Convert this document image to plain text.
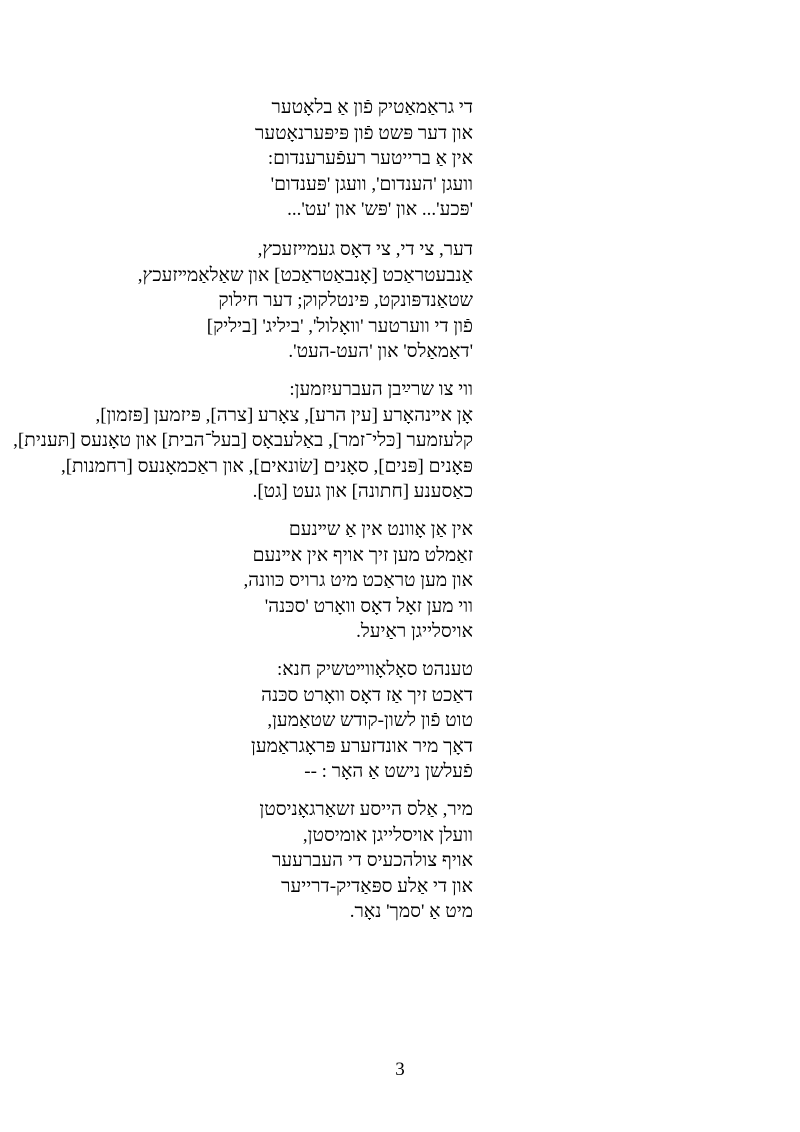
די גראַמאַטיק פֿון אַ בלאָטער
און דער פּשט פֿון פּיפּערנאָטער
אין אַ ברייטער רעפֿערענדום:
וועגן 'הענדום', וועגן 'פּענדום'
'פּכע'... און 'פּש' און 'עט'...
דער, צי די, צי דאָס געמײזעכץ,
אַנבעטראַכט [אָנבאַטראַכט] און שאַלאַמײזעכץ,
שטאַנדפּונקט, פּינטלקוק; דער חילוק
פֿון די ווערטער 'וואָלול', 'ביליג' [ביליק]
'דאַמאַלס' און 'העט-העט'.
ווי צו שרײַבן העברעיִזמען:
אָן אײנהאָרע [עין הרע], צאָרע [צרה], פּיזמען [פּזמון],
קלעזמער [כּלי־זמר], באַלעבאָס [בעל־הבית] און טאָנעס [תּענית],
פּאָנים [פּנים], סאָנים [שׂונאים], און ראַכמאָנעס [רחמנות],
כאַסענע [חתונה] און געט [גט].
אין אַן אָוונט אין אַ שײנעם
זאַמלט מען זיך אויף אין אײנעם
און מען טראַכט מיט גרויס כּוונה,
ווי מען זאָל דאָס וואָרט 'סכּנה'
אויסלייגן ראַיעל.
טענהט סאָלאָווײטשיק חנא:
דאַכט זיך אַז דאָס וואָרט סכּנה
טוט פֿון לשון-קודש שטאַמען,
דאָך מיר אונדזערע פּראָגראַמען
פֿעלשן נישט אַ האָר : --
מיר, אַלס הייסע זשאַרגאָניסטן
וועלן אויסלייגן אומיסטן,
אויף צולהכעיס די העברעער
און די אַלע ספּאַדיק-דרייער
מיט אַ 'סמך' נאָר.
3
